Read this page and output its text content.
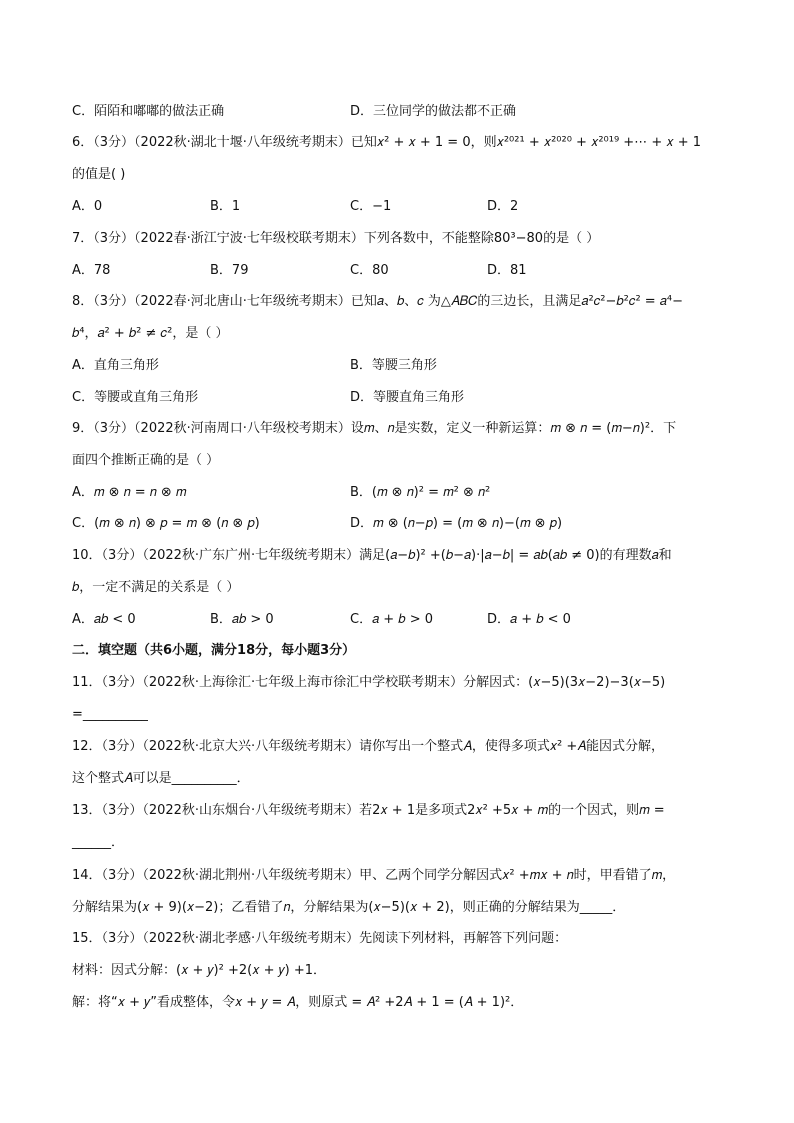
C．陌陌和嘟嘟的做法正确	D．三位同学的做法都不正确
6．（3分）（2022秋·湖北十堰·八年级统考期末）已知𝑥² + 𝑥 + 1 = 0，则𝑥²⁰²¹ + 𝑥²⁰²⁰ + 𝑥²⁰¹⁹ +⋯ + 𝑥 + 1
的值是( )
A．0	B．1	C．−1	D．2
7．（3分）（2022春·浙江宁波·七年级校联考期末）下列各数中，不能整除80³−80的是（ ）
A．78	B．79	C．80	D．81
8．（3分）（2022春·河北唐山·七年级统考期末）已知𝑎、𝑏、𝑐 为△𝐴𝐵𝐶的三边长，且满足𝑎²𝑐²−𝑏²𝑐² = 𝑎⁴−
𝑏⁴，𝑎² + 𝑏² ≠ 𝑐²，是（ ）
A．直角三角形	B．等腰三角形
C．等腰或直角三角形	D．等腰直角三角形
9．（3分）（2022秋·河南周口·八年级校考期末）设𝑚、𝑛是实数，定义一种新运算：𝑚 ⊗ 𝑛 = (𝑚−𝑛)²．下
面四个推断正确的是（ ）
A．𝑚 ⊗ 𝑛 = 𝑛 ⊗ 𝑚	B．(𝑚 ⊗ 𝑛)² = 𝑚² ⊗ 𝑛²
C．(𝑚 ⊗ 𝑛) ⊗ 𝑝 = 𝑚 ⊗ (𝑛 ⊗ 𝑝)	D．𝑚 ⊗ (𝑛−𝑝) = (𝑚 ⊗ 𝑛)−(𝑚 ⊗ 𝑝)
10．（3分）（2022秋·广东广州·七年级统考期末）满足(𝑎−𝑏)² +(𝑏−𝑎)·|𝑎−𝑏| = 𝑎𝑏(𝑎𝑏 ≠ 0)的有理数𝑎和
𝑏，一定不满足的关系是（ ）
A．𝑎𝑏 < 0	B．𝑎𝑏 > 0	C．𝑎 + 𝑏 > 0	D．𝑎 + 𝑏 < 0
二．填空题（共6小题，满分18分，每小题3分）
11．（3分）（2022秋·上海徐汇·七年级上海市徐汇中学校联考期末）分解因式：(𝑥−5)(3𝑥−2)−3(𝑥−5)
=__________
12．（3分）（2022秋·北京大兴·八年级统考期末）请你写出一个整式𝐴，使得多项式𝑥² +𝐴能因式分解，
这个整式𝐴可以是__________．
13．（3分）（2022秋·山东烟台·八年级统考期末）若2𝑥 + 1是多项式2𝑥² +5𝑥 + 𝑚的一个因式，则𝑚 =
______．
14．（3分）（2022秋·湖北荆州·八年级统考期末）甲、乙两个同学分解因式𝑥² +𝑚𝑥 + 𝑛时，甲看错了𝑚，
分解结果为(𝑥 + 9)(𝑥−2)；乙看错了𝑛，分解结果为(𝑥−5)(𝑥 + 2)，则正确的分解结果为_____．
15．（3分）（2022秋·湖北孝感·八年级统考期末）先阅读下列材料，再解答下列问题：
材料：因式分解：(𝑥 + 𝑦)² +2(𝑥 + 𝑦) +1．
解：将“𝑥 + 𝑦”看成整体，令𝑥 + 𝑦 = 𝐴，则原式 = 𝐴² +2𝐴 + 1 = (𝐴 + 1)²．
